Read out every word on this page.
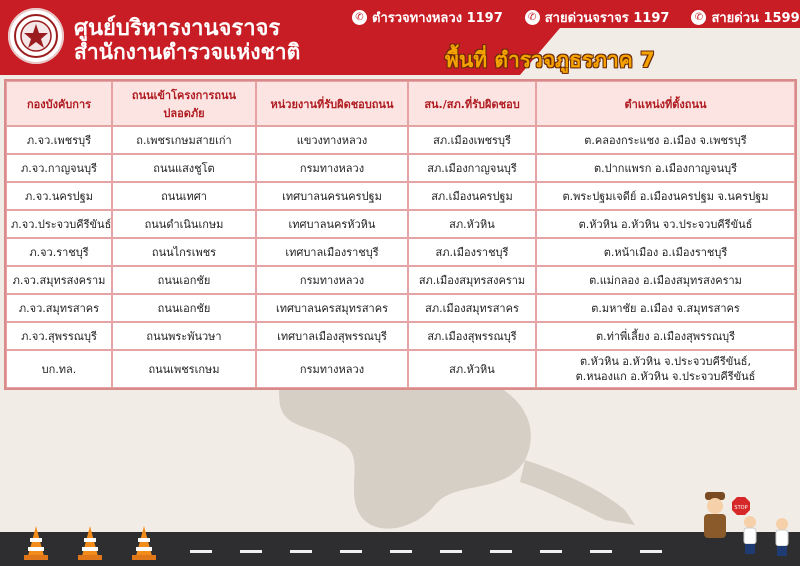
ศูนย์บริหารงานจราจร
สำนักงานตำรวจแห่งชาติ
✆ ตำรวจทางหลวง 1197	✆ สายด่วนจราจร 1197	✆ สายด่วน 1599
พื้นที่ ตำรวจภูธรภาค 7
กองบังคับการ	ถนนเข้าโครงการถนนปลอดภัย	หน่วยงานที่รับผิดชอบถนน	สน./สภ.ที่รับผิดชอบ	ตำแหน่งที่ตั้งถนน
ภ.จว.เพชรบุรี	ถ.เพชรเกษมสายเก่า	แขวงทางหลวง	สภ.เมืองเพชรบุรี	ต.คลองกระแชง อ.เมือง จ.เพชรบุรี
ภ.จว.กาญจนบุรี	ถนนแสงชูโต	กรมทางหลวง	สภ.เมืองกาญจนบุรี	ต.ปากแพรก อ.เมืองกาญจนบุรี
ภ.จว.นครปฐม	ถนนเทศา	เทศบาลนครนครปฐม	สภ.เมืองนครปฐม	ต.พระปฐมเจดีย์ อ.เมืองนครปฐม จ.นครปฐม
ภ.จว.ประจวบคีรีขันธ์	ถนนดำเนินเกษม	เทศบาลนครหัวหิน	สภ.หัวหิน	ต.หัวหิน อ.หัวหิน จว.ประจวบคีรีขันธ์
ภ.จว.ราชบุรี	ถนนไกรเพชร	เทศบาลเมืองราชบุรี	สภ.เมืองราชบุรี	ต.หน้าเมือง อ.เมืองราชบุรี
ภ.จว.สมุทรสงคราม	ถนนเอกชัย	กรมทางหลวง	สภ.เมืองสมุทรสงคราม	ต.แม่กลอง อ.เมืองสมุทรสงคราม
ภ.จว.สมุทรสาคร	ถนนเอกชัย	เทศบาลนครสมุทรสาคร	สภ.เมืองสมุทรสาคร	ต.มหาชัย อ.เมือง จ.สมุทรสาคร
ภ.จว.สุพรรณบุรี	ถนนพระพันวษา	เทศบาลเมืองสุพรรณบุรี	สภ.เมืองสุพรรณบุรี	ต.ท่าพี่เลี้ยง อ.เมืองสุพรรณบุรี
บก.ทล.	ถนนเพชรเกษม	กรมทางหลวง	สภ.หัวหิน	ต.หัวหิน อ.หัวหิน จ.ประจวบคีรีขันธ์,
ต.หนองแก อ.หัวหิน จ.ประจวบคีรีขันธ์
STOP
